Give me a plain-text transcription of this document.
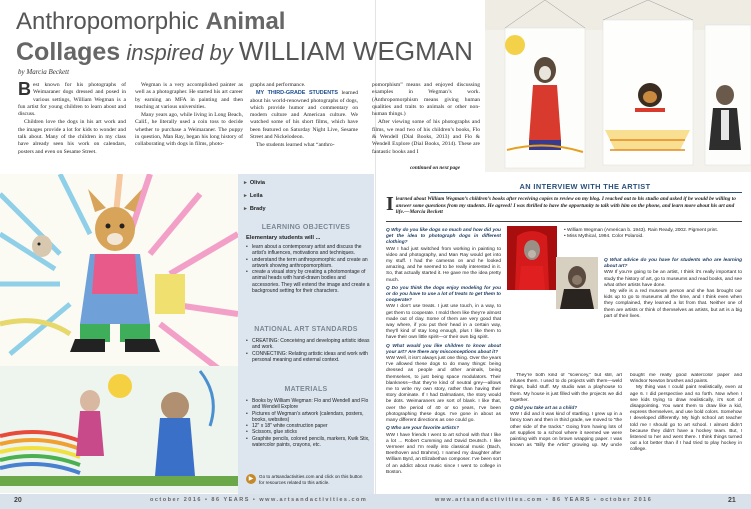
Anthropomorphic Animal
Collages inspired by WILLIAM WEGMAN
by Marcia Beckett

Best known for his photographs of Weimaraner dogs dressed and posed in various settings, William Wegman is a fun artist for young children to learn about and discuss.

Children love the dogs in his art work and the images provide a lot for kids to wonder and talk about. Many of the children in my class have already seen his work on calendars, posters and even on Sesame Street.

Wegman is a very accomplished painter as well as a photographer. He started his art career by earning an MFA in painting and then teaching at various universities.

Many years ago, while living in Long Beach, Calif., he literally used a coin toss to decide whether to purchase a Weimaraner. The puppy in question, Man Ray, began his long history of collaborating with dogs in films, photo-

graphs and performance.

MY THIRD-GRADE STUDENTS learned about his world-renowned photographs of dogs, which provide humor and commentary on modern culture and American culture. We watched some of his short films, which have been featured on Saturday Night Live, Sesame Street and Nickelodeon.

The students learned what “anthro-

pomorphism” means and enjoyed discussing examples in Wegman’s work. (Anthropomorphism means giving human qualities and traits to animals or other non-human things.)

After viewing some of his photographs and films, we read two of his children’s books, Flo & Wendell (Dial Books, 2013) and Flo & Wendell Explore (Dial Books, 2014). These are fantastic books and I

continued on next page
▸ Olivia
▸ Leila
▸ Brady
LEARNING OBJECTIVES
Elementary students will ...
• learn about a contemporary artist and discuss the artist’s influences, motivations and techniques.
• understand the term anthropomorphic and create an artwork showing anthropomorphism.
• create a visual story by creating a photomontage of animal heads with hand-drawn bodies and accessories. They will extend the image and create a background setting for their characters.
NATIONAL ART STANDARDS
• CREATING: Conceiving and developing artistic ideas and work.
• CONNECTING: Relating artistic ideas and work with personal meaning and external context.
MATERIALS
• Books by William Wegman: Flo and Wendell and Flo and Wendell Explore
• Pictures of Wegman’s artwork (calendars, posters, books, websites)
• 12" x 18" white construction paper
• Scissors, glue sticks
• Graphite pencils, colored pencils, markers, Kwik Stix, watercolor paints, crayons, etc.
▶	Go to artsandactivities.com and click on this button for resources related to this article.
AN INTERVIEW WITH THE ARTIST
I learned about William Wegman’s children’s books after receiving copies to review on my blog. I reached out to his studio and asked if he would be willing to answer some questions from my students. He agreed! I was thrilled to have the opportunity to talk with him on the phone, and learn more about his art and life.—Marcia Beckett
Q Why do you like dogs so much and how did you get the idea to photograph dogs in different clothing?
WW I had just switched from working in painting to video and photography, and Man Ray would get into my stuff. I had the cameras on and he looked amazing, and he seemed to be really interested in it. So, that actually started it. He gave me the idea pretty much.
Q Do you think the dogs enjoy modeling for you or do you have to use a lot of treats to get them to cooperate?
WW I don’t use treats. I just use touch, in a way, to get them to cooperate. I mold them like they’re almost made out of clay. Some of them are very good that way where, if you put their head in a certain way, they’ll kind of stay long enough, plus I like them to have their own little spirit—or their own big spirit.
Q What would you like children to know about your art? Are there any misconceptions about it?
WW Well, it isn’t always just one thing. Over the years I’ve allowed these dogs to do many things: being dressed as people and other animals, being themselves, to just being space modulators. Their blankness—that they’re kind of neutral grey—allows me to write my own story, rather than having their story dominate. If I had Dalmatians, the story would be dots. Weimaraners are sort of blank. I like that, over the period of 40 or so years, I’ve been photographing these dogs. I’ve gone in about as many different directions as one could go.
Q Who are your favorite artists?
WW I have friends I went to art school with that I like a lot ... Robert Cumming and David Deutsch. I like Vermeer and I’m really into classical music (Bach, Beethoven and Brahms). I named my daughter after William Byrd, an Elizabethan composer. I’ve been sort of an addict about music since I went to college in Boston.
• William Wegman (American b. 1943). Rain Ready, 2002. Pigment print.
• Miss Mythical, 1994. Color Polaroid.
Q What advice do you have for students who are learning about art?
WW If you’re going to be an artist, I think it’s really important to study the history of art, go to museums and read books, and see what other artists have done.
My wife is a red museum person and she has brought our kids up to go to museums all the time, and I think even when they complained, they learned a lot from that. Neither one of them are artists or think of themselves as artists, but art is a big part of their lives.
They’re both kind of “sciencey,” but still, art infuses them. I used to do projects with them—weld things, build stuff. My studio was a playhouse to them. My house is just filled with the projects we did together.
Q Did you take art as a child?
WW I did and it was kind of startling. I grew up in a fancy town and then in third grade, we moved to “the other side of the tracks.” Going from having lots of art supplies to a school where it seemed we were painting with mops on brown wrapping paper. I was known as “Billy the Artist” growing up. My uncle bought me really good watercolor paper and Windsor Newton brushes and paints.
My thing was I could paint realistically, even at age 6. I did perspective and so forth. Now when I see kids trying to draw realistically, it’s sort of disappointing. You want them to draw like a kid, express themselves, and use bold colors. Somehow I developed differently. My high school art teacher told me I should go to art school. I almost didn’t because they didn’t have a hockey team. But, I listened to her and went there. I think things turned out a lot better than if I had tried to play hockey in college.
20	october 2016 • 86 YEARS • www.artsandactivities.com	www.artsandactivities.com • 86 YEARS • october 2016	21
